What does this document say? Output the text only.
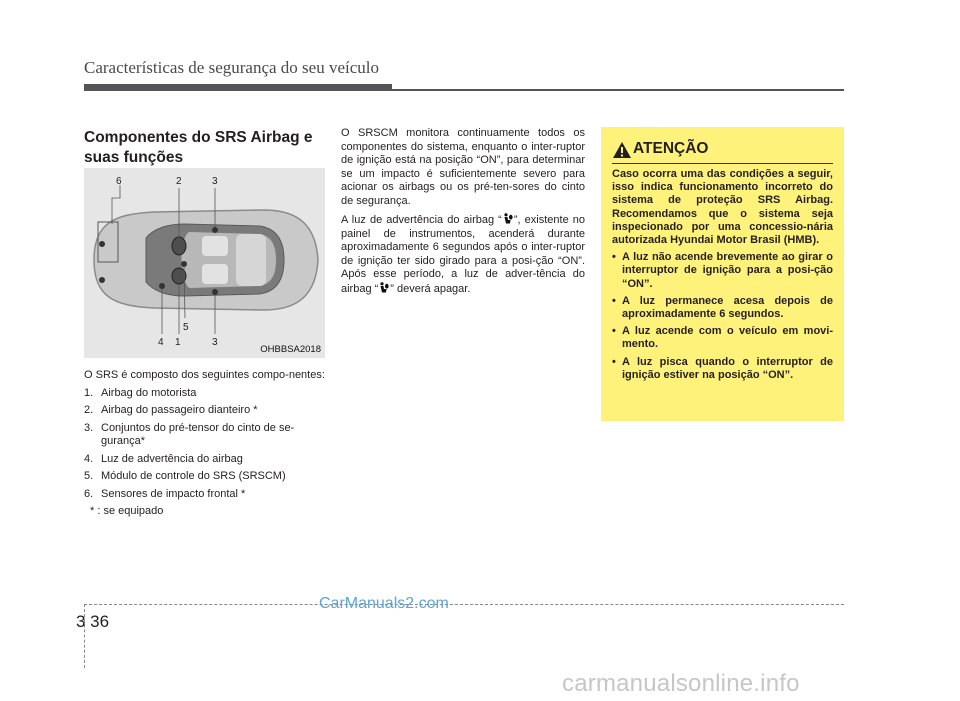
Características de segurança do seu veículo
Componentes do SRS Airbag e suas funções
6	2	3
4 1
5
3
OHBBSA2018

O SRS é composto dos seguintes compo-nentes:

1. Airbag do motorista
2. Airbag do passageiro dianteiro *
3. Conjuntos do pré-tensor do cinto de se-gurança*
4. Luz de advertência do airbag
5. Módulo de controle do SRS (SRSCM)
6. Sensores de impacto frontal *
* : se equipado

O SRSCM monitora continuamente todos os componentes do sistema, enquanto o inter-ruptor de ignição está na posição “ON”, para determinar se um impacto é suficientemente severo para acionar os airbags ou os pré-ten-sores do cinto de segurança.

A luz de advertência do airbag “ ”, existente no painel de instrumentos, acenderá durante aproximadamente 6 segundos após o inter-ruptor de ignição ter sido girado para a posi-ção “ON”. Após esse período, a luz de adver-tência do airbag “ ” deverá apagar.

ATENÇÃO

Caso ocorra uma das condições a seguir, isso indica funcionamento incorreto do sistema de proteção SRS Airbag. Recomendamos que o sistema seja inspecionado por uma concessio-nária autorizada Hyundai Motor Brasil (HMB).

• A luz não acende brevemente ao girar o interruptor de ignição para a posi-ção “ON”.
• A luz permanece acesa depois de aproximadamente 6 segundos.
• A luz acende com o veículo em movi-mento.
• A luz pisca quando o interruptor de ignição estiver na posição “ON”.
3 36
CarManuals2.com
carmanualsonline.info
